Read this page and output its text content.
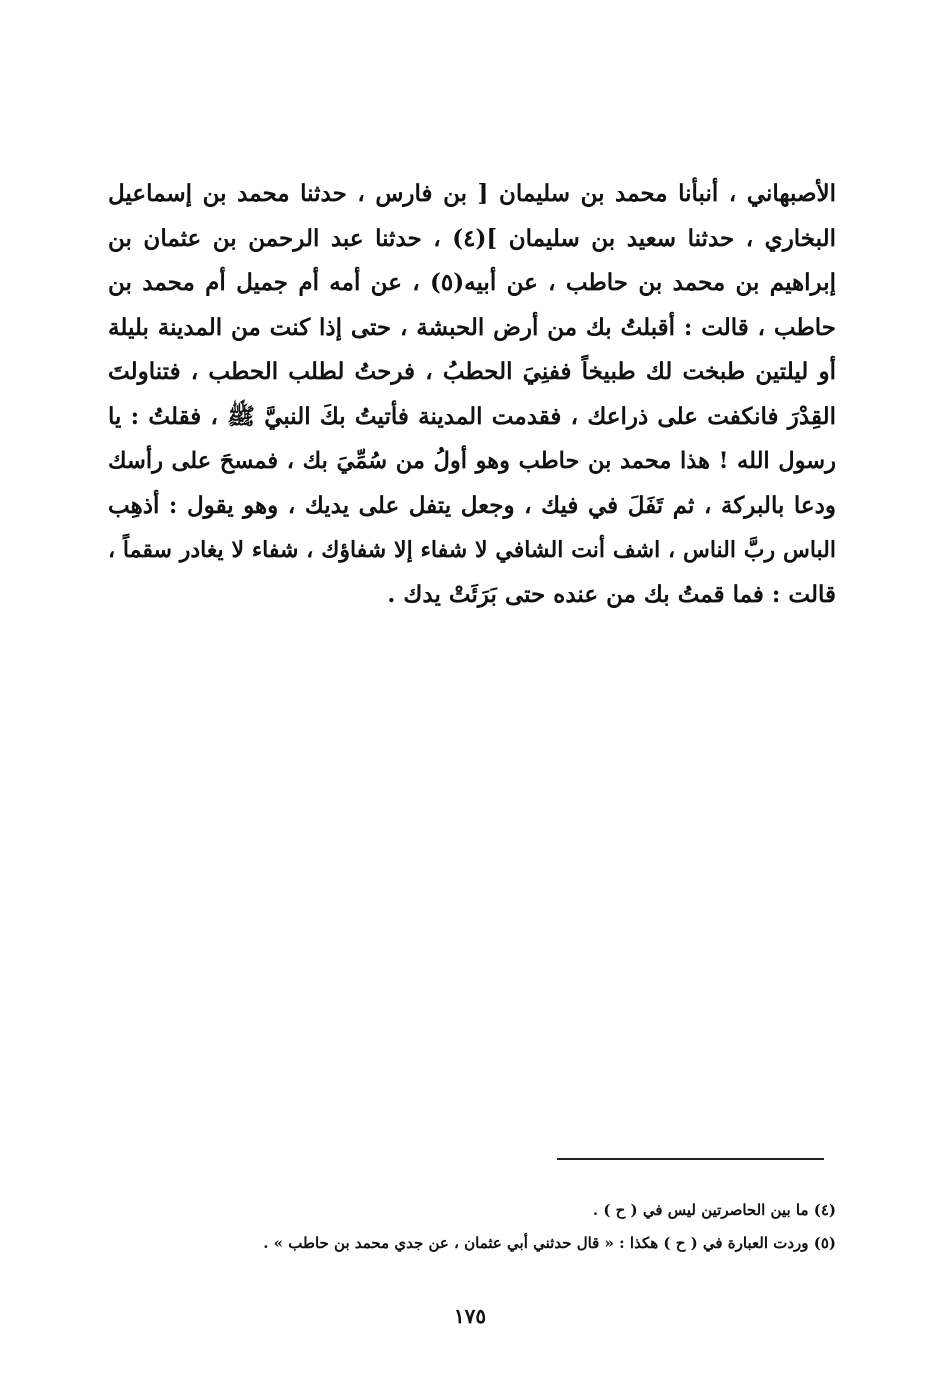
الأصبهاني ، أنبأنا محمد بن سليمان [ بن فارس ، حدثنا محمد بن إسماعيل
البخاري ، حدثنا سعيد بن سليمان ](٤) ، حدثنا عبد الرحمن بن عثمان بن
إبراهيم بن محمد بن حاطب ، عن أبيه(٥) ، عن أمه أم جميل أم محمد بن
حاطب ، قالت : أقبلتُ بك من أرض الحبشة ، حتى إذا كنت من المدينة بليلة
أو ليلتين طبخت لك طبيخاً ففنِيَ الحطبُ ، فرحتُ لطلب الحطب ، فتناولتَ
القِدْرَ فانكفت على ذراعك ، فقدمت المدينة فأتيتُ بكَ النبيَّ ﷺ ، فقلتُ : يا
رسول الله ! هذا محمد بن حاطب وهو أولُ من سُمِّيَ بك ، فمسحَ على رأسك
ودعا بالبركة ، ثم تَفَلَ في فيك ، وجعل يتفل على يديك ، وهو يقول : أذهِب
الباس ربَّ الناس ، اشف أنت الشافي لا شفاء إلا شفاؤك ، شفاء لا يغادر سقماً ،
قالت : فما قمتُ بك من عنده حتى بَرَئَتْ يدك .
(٤) ما بين الحاصرتين ليس في ( ح ) .
(٥) وردت العبارة في ( ح ) هكذا : « قال حدثني أبي عثمان ، عن جدي محمد بن حاطب » .
١٧٥
